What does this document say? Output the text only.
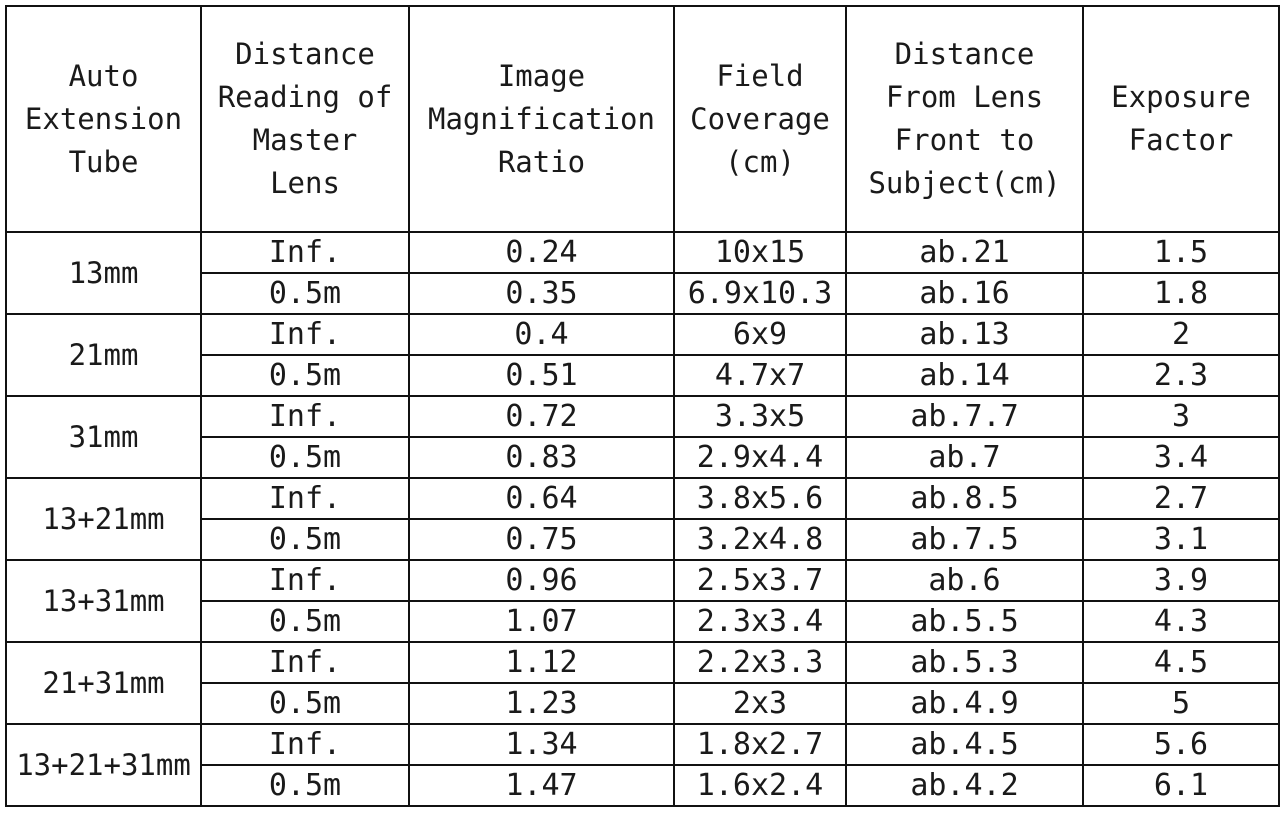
Auto
Extension
Tube	Distance
Reading of
Master
Lens	Image
Magnification
Ratio	Field
Coverage
(cm)	Distance
From Lens
Front to
Subject(cm)	Exposure
Factor

13mm	Inf.	0.24	10x15	ab.21	1.5
	0.5m	0.35	6.9x10.3	ab.16	1.8
21mm	Inf.	0.4	6x9	ab.13	2
	0.5m	0.51	4.7x7	ab.14	2.3
31mm	Inf.	0.72	3.3x5	ab.7.7	3
	0.5m	0.83	2.9x4.4	ab.7	3.4
13+21mm	Inf.	0.64	3.8x5.6	ab.8.5	2.7
	0.5m	0.75	3.2x4.8	ab.7.5	3.1
13+31mm	Inf.	0.96	2.5x3.7	ab.6	3.9
	0.5m	1.07	2.3x3.4	ab.5.5	4.3
21+31mm	Inf.	1.12	2.2x3.3	ab.5.3	4.5
	0.5m	1.23	2x3	ab.4.9	5
13+21+31mm	Inf.	1.34	1.8x2.7	ab.4.5	5.6
	0.5m	1.47	1.6x2.4	ab.4.2	6.1
